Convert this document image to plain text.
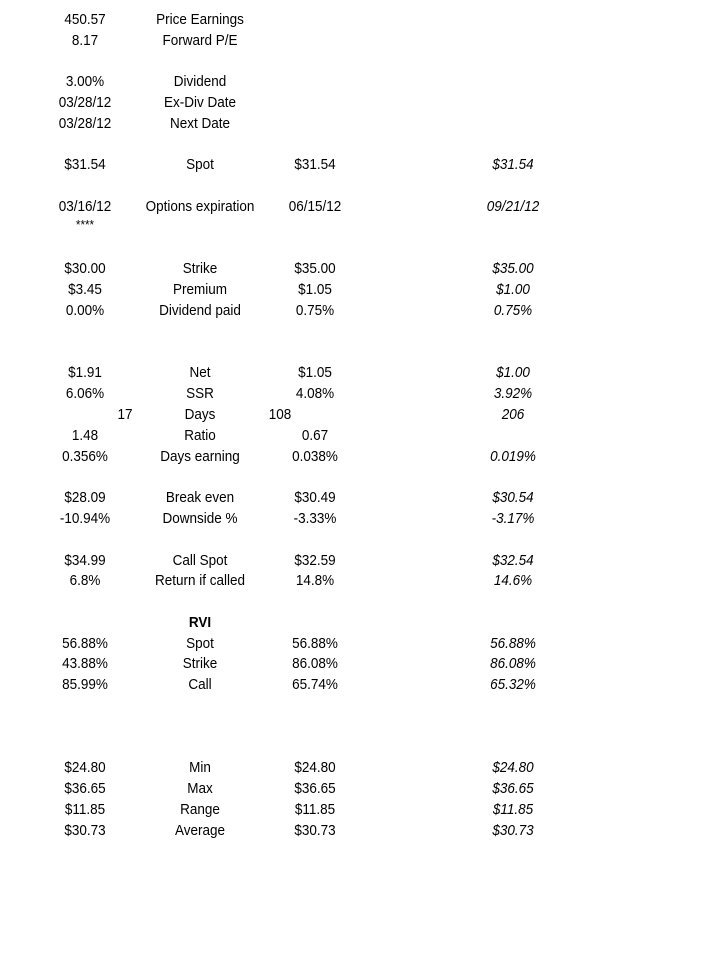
450.57	Price Earnings
8.17	Forward P/E
3.00%	Dividend
03/28/12	Ex-Div Date
03/28/12	Next Date
$31.54	Spot	$31.54	$31.54
03/16/12 Options expiration 06/15/12	09/21/12
****
$30.00	Strike	$35.00	$35.00
$3.45	Premium	$1.05	$1.00
0.00%	Dividend paid	0.75%	0.75%
$1.91	Net	$1.05	$1.00
6.06%	SSR	4.08%	3.92%
17	Days	108	206
1.48	Ratio	0.67
0.356%	Days earning	0.038%	0.019%
$28.09	Break even	$30.49	$30.54
-10.94%	Downside %	-3.33%	-3.17%
$34.99	Call Spot	$32.59	$32.54
6.8%	Return if called	14.8%	14.6%
RVI
56.88%	Spot	56.88%	56.88%
43.88%	Strike	86.08%	86.08%
85.99%	Call	65.74%	65.32%
$24.80	Min	$24.80	$24.80
$36.65	Max	$36.65	$36.65
$11.85	Range	$11.85	$11.85
$30.73	Average	$30.73	$30.73
